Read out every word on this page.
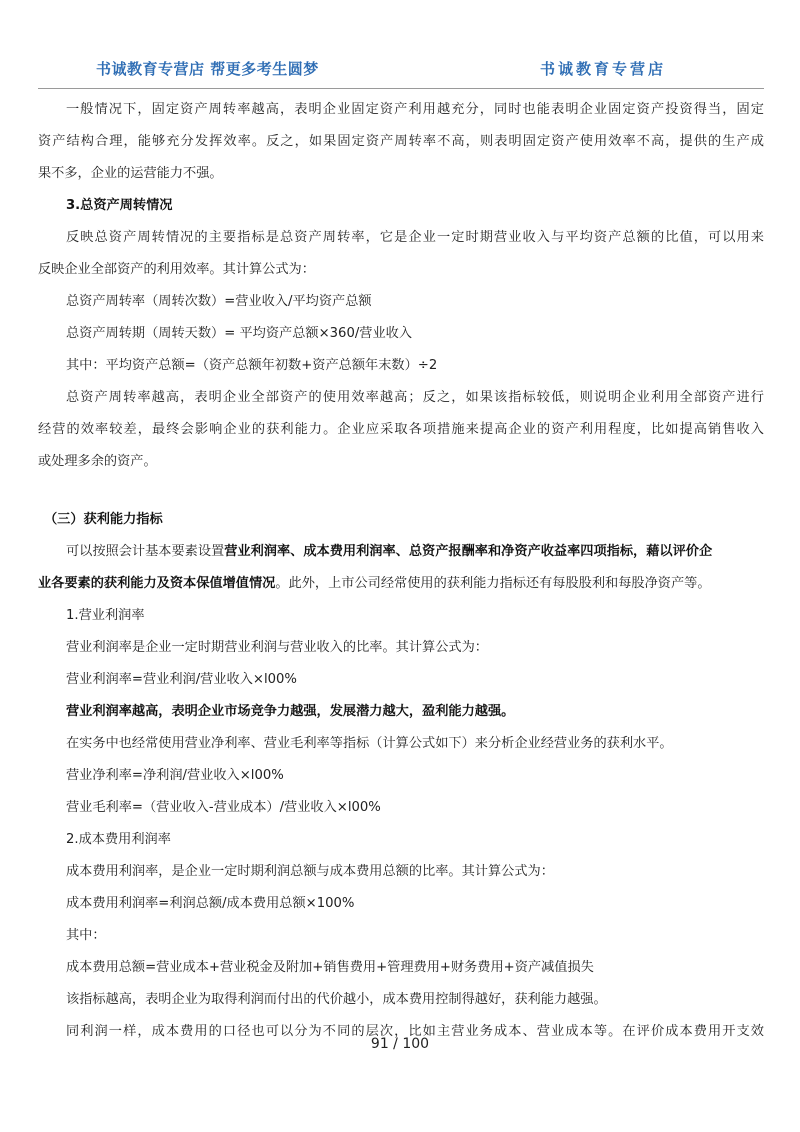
书诚教育专营店 帮更多考生圆梦	书诚教育专营店
一般情况下，固定资产周转率越高，表明企业固定资产利用越充分，同时也能表明企业固定资产投资得当，固定
资产结构合理，能够充分发挥效率。反之，如果固定资产周转率不高，则表明固定资产使用效率不高，提供的生产成
果不多，企业的运营能力不强。
3.总资产周转情况
反映总资产周转情况的主要指标是总资产周转率，它是企业一定时期营业收入与平均资产总额的比值，可以用来
反映企业全部资产的利用效率。其计算公式为：
总资产周转率（周转次数）=营业收入/平均资产总额
总资产周转期（周转天数）= 平均资产总额×360/营业收入
其中：平均资产总额=（资产总额年初数+资产总额年末数）÷2
总资产周转率越高，表明企业全部资产的使用效率越高；反之，如果该指标较低，则说明企业利用全部资产进行
经营的效率较差，最终会影响企业的获利能力。企业应采取各项措施来提高企业的资产利用程度，比如提高销售收入
或处理多余的资产。
（三）获利能力指标
可以按照会计基本要素设置营业利润率、成本费用利润率、总资产报酬率和净资产收益率四项指标，藉以评价企
业各要素的获利能力及资本保值增值情况。此外，上市公司经常使用的获利能力指标还有每股股利和每股净资产等。
1.营业利润率
营业利润率是企业一定时期营业利润与营业收入的比率。其计算公式为：
营业利润率=营业利润/营业收入×l00%
营业利润率越高，表明企业市场竞争力越强，发展潜力越大，盈利能力越强。
在实务中也经常使用营业净利率、营业毛利率等指标（计算公式如下）来分析企业经营业务的获利水平。
营业净利率=净利润/营业收入×l00%
营业毛利率=（营业收入-营业成本）/营业收入×l00%
2.成本费用利润率
成本费用利润率，是企业一定时期利润总额与成本费用总额的比率。其计算公式为：
成本费用利润率=利润总额/成本费用总额×100%
其中：
成本费用总额=营业成本+营业税金及附加+销售费用+管理费用+财务费用+资产减值损失
该指标越高，表明企业为取得利润而付出的代价越小，成本费用控制得越好，获利能力越强。
同利润一样，成本费用的口径也可以分为不同的层次，比如主营业务成本、营业成本等。在评价成本费用开支效
91 / 100
